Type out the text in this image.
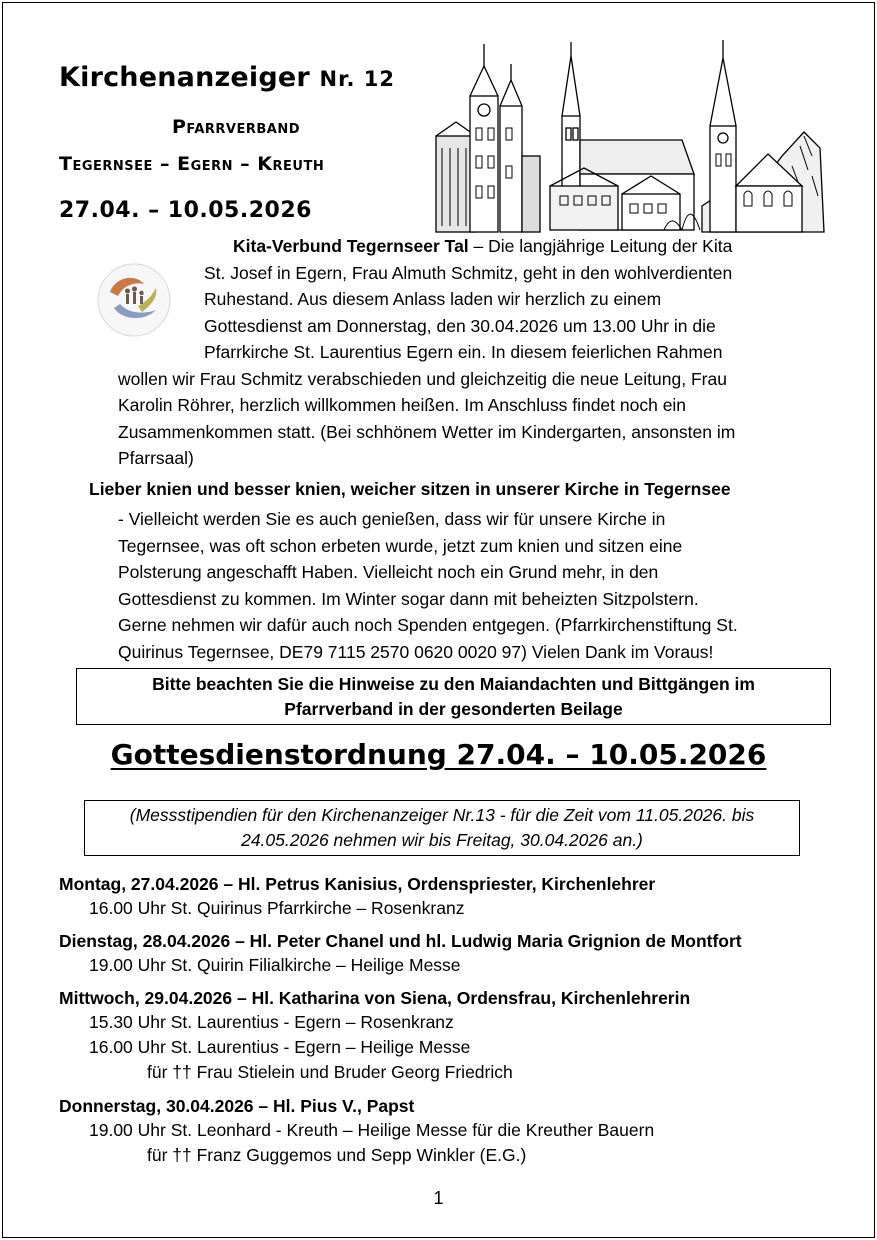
Kirchenanzeiger Nr. 12
Pfarrverband
Tegernsee – Egern – Kreuth
27.04. – 10.05.2026
Kita-Verbund Tegernseer Tal – Die langjährige Leitung der Kita
St. Josef in Egern, Frau Almuth Schmitz, geht in den wohlverdienten
Ruhestand. Aus diesem Anlass laden wir herzlich zu einem
Gottesdienst am Donnerstag, den 30.04.2026 um 13.00 Uhr in die
Pfarrkirche St. Laurentius Egern ein. In diesem feierlichen Rahmen
wollen wir Frau Schmitz verabschieden und gleichzeitig die neue Leitung, Frau
Karolin Röhrer, herzlich willkommen heißen. Im Anschluss findet noch ein
Zusammenkommen statt. (Bei schhönem Wetter im Kindergarten, ansonsten im
Pfarrsaal)
Lieber knien und besser knien, weicher sitzen in unserer Kirche in Tegernsee
- Vielleicht werden Sie es auch genießen, dass wir für unsere Kirche in
Tegernsee, was oft schon erbeten wurde, jetzt zum knien und sitzen eine
Polsterung angeschafft Haben. Vielleicht noch ein Grund mehr, in den
Gottesdienst zu kommen. Im Winter sogar dann mit beheizten Sitzpolstern.
Gerne nehmen wir dafür auch noch Spenden entgegen. (Pfarrkirchenstiftung St.
Quirinus Tegernsee, DE79 7115 2570 0620 0020 97) Vielen Dank im Voraus!
Bitte beachten Sie die Hinweise zu den Maiandachten und Bittgängen im
Pfarrverband in der gesonderten Beilage
Gottesdienstordnung 27.04. – 10.05.2026
(Messstipendien für den Kirchenanzeiger Nr.13 - für die Zeit vom 11.05.2026. bis
24.05.2026 nehmen wir bis Freitag, 30.04.2026 an.)
Montag, 27.04.2026 – Hl. Petrus Kanisius, Ordenspriester, Kirchenlehrer
16.00 Uhr St. Quirinus Pfarrkirche – Rosenkranz
Dienstag, 28.04.2026 – Hl. Peter Chanel und hl. Ludwig Maria Grignion de Montfort
19.00 Uhr St. Quirin Filialkirche – Heilige Messe
Mittwoch, 29.04.2026 – Hl. Katharina von Siena, Ordensfrau, Kirchenlehrerin
15.30 Uhr St. Laurentius - Egern – Rosenkranz
16.00 Uhr St. Laurentius - Egern – Heilige Messe
für †† Frau Stielein und Bruder Georg Friedrich
Donnerstag, 30.04.2026 – Hl. Pius V., Papst
19.00 Uhr St. Leonhard - Kreuth – Heilige Messe für die Kreuther Bauern
für †† Franz Guggemos und Sepp Winkler (E.G.)
1
